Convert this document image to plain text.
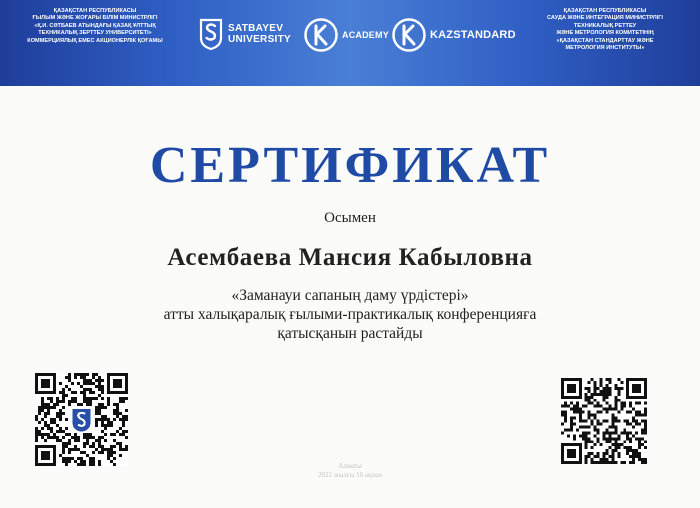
ҚАЗАҚСТАН РЕСПУБЛИКАСЫ
ҒЫЛЫМ ЖӘНЕ ЖОҒАРЫ БІЛІМ МИНИСТРЛІГІ
«Қ.И. СӘТБАЕВ АТЫНДАҒЫ ҚАЗАҚ ҰЛТТЫҚ
ТЕХНИКАЛЫҚ ЗЕРТТЕУ УНИВЕРСИТЕТІ»
КОММЕРЦИЯЛЫҚ ЕМЕС АКЦИОНЕРЛІК ҚОҒАМЫ
SATBAYEV
UNIVERSITY	ACADEMY	KAZSTANDARD
ҚАЗАҚСТАН РЕСПУБЛИКАСЫ
САУДА ЖӘНЕ ИНТЕГРАЦИЯ МИНИСТРЛІГІ
ТЕХНИКАЛЫҚ РЕТТЕУ
ЖӘНЕ МЕТРОЛОГИЯ КОМИТЕТІНІҢ
«ҚАЗАҚСТАН СТАНДАРТТАУ ЖӘНЕ
МЕТРОЛОГИЯ ИНСТИТУТЫ»
СЕРТИФИКАТ
Осымен
Асембаева Мансия Кабыловна
«Заманауи сапаның даму үрдістері»
атты халықаралық ғылыми-практикалық конференцияға
қатысқанын растайды
Алматы
2022 жылғы 10 ақпан
